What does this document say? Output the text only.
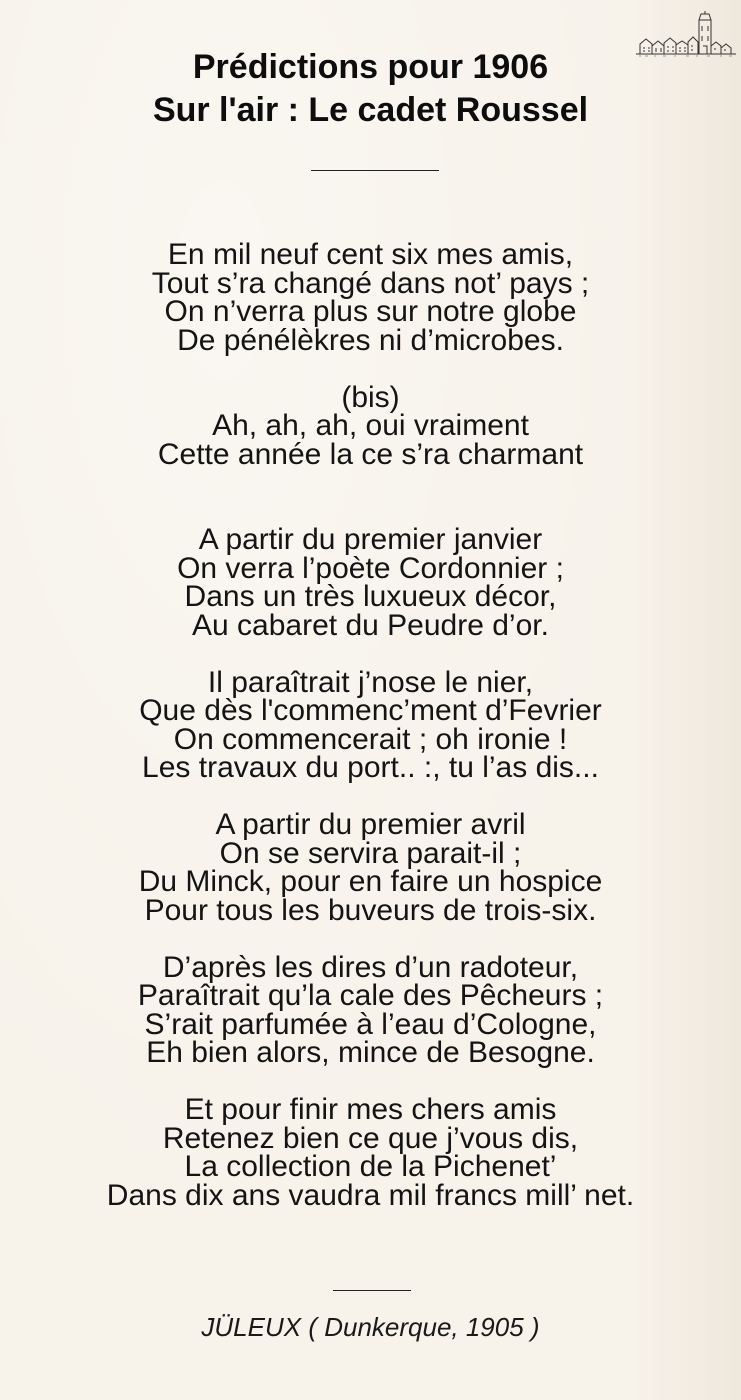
Prédictions pour 1906
Sur l'air : Le cadet Roussel
En mil neuf cent six mes amis,
Tout s’ra changé dans not’ pays ;
On n’verra plus sur notre globe
De pénélèkres ni d’microbes.
(bis)
Ah, ah, ah, oui vraiment
Cette année la ce s’ra charmant
A partir du premier janvier
On verra l’poète Cordonnier ;
Dans un très luxueux décor,
Au cabaret du Peudre d’or.
Il paraîtrait j’nose le nier,
Que dès l'commenc’ment d’Fevrier
On commencerait ; oh ironie !
Les travaux du port.. :, tu l’as dis...
A partir du premier avril
On se servira parait-il ;
Du Minck, pour en faire un hospice
Pour tous les buveurs de trois-six.
D’après les dires d’un radoteur,
Paraîtrait qu’la cale des Pêcheurs ;
S’rait parfumée à l’eau d’Cologne,
Eh bien alors, mince de Besogne.
Et pour finir mes chers amis
Retenez bien ce que j’vous dis,
La collection de la Pichenet’
Dans dix ans vaudra mil francs mill’ net.
JÜLEUX ( Dunkerque, 1905 )
